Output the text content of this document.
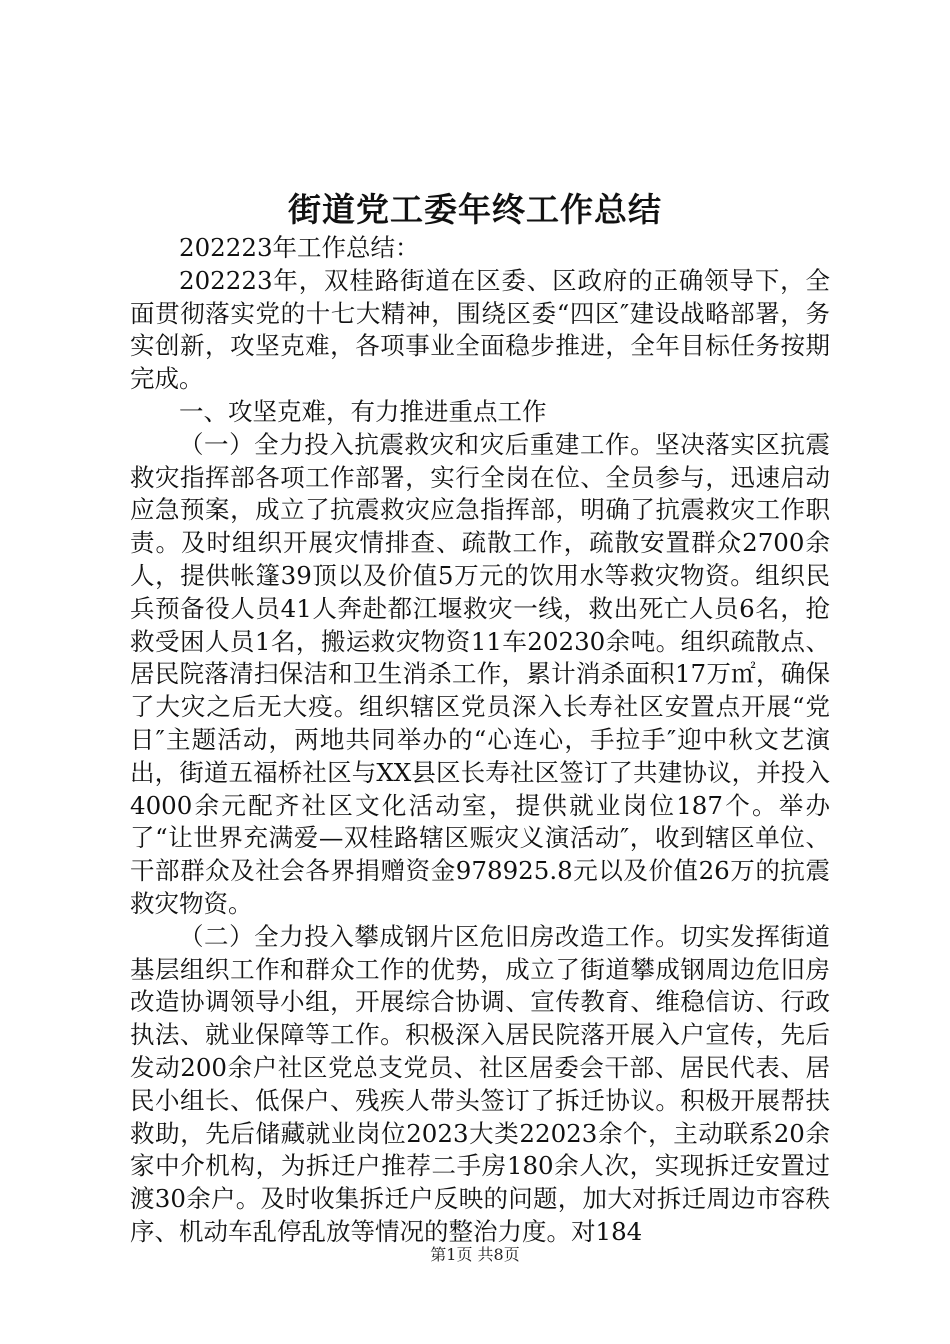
街道党工委年终工作总结

202223年工作总结：

202223年，双桂路街道在区委、区政府的正确领导下，全面贯彻落实党的十七大精神，围绕区委“四区″建设战略部署，务实创新，攻坚克难，各项事业全面稳步推进，全年目标任务按期完成。

一、攻坚克难，有力推进重点工作

（一）全力投入抗震救灾和灾后重建工作。坚决落实区抗震救灾指挥部各项工作部署，实行全岗在位、全员参与，迅速启动应急预案，成立了抗震救灾应急指挥部，明确了抗震救灾工作职责。及时组织开展灾情排查、疏散工作，疏散安置群众2700余人，提供帐篷39顶以及价值5万元的饮用水等救灾物资。组织民兵预备役人员41人奔赴都江堰救灾一线，救出死亡人员6名，抢救受困人员1名，搬运救灾物资11车20230余吨。组织疏散点、居民院落清扫保洁和卫生消杀工作，累计消杀面积17万㎡，确保了大灾之后无大疫。组织辖区党员深入长寿社区安置点开展“党日″主题活动，两地共同举办的“心连心，手拉手″迎中秋文艺演出，街道五福桥社区与XX县区长寿社区签订了共建协议，并投入4000余元配齐社区文化活动室，提供就业岗位187个。举办了“让世界充满爱—双桂路辖区赈灾义演活动″，收到辖区单位、干部群众及社会各界捐赠资金978925.8元以及价值26万的抗震救灾物资。

（二）全力投入攀成钢片区危旧房改造工作。切实发挥街道基层组织工作和群众工作的优势，成立了街道攀成钢周边危旧房改造协调领导小组，开展综合协调、宣传教育、维稳信访、行政执法、就业保障等工作。积极深入居民院落开展入户宣传，先后发动200余户社区党总支党员、社区居委会干部、居民代表、居民小组长、低保户、残疾人带头签订了拆迁协议。积极开展帮扶救助，先后储藏就业岗位2023大类22023余个，主动联系20余家中介机构，为拆迁户推荐二手房180余人次，实现拆迁安置过渡30余户。及时收集拆迁户反映的问题，加大对拆迁周边市容秩序、机动车乱停乱放等情况的整治力度。对184

第1页 共8页
